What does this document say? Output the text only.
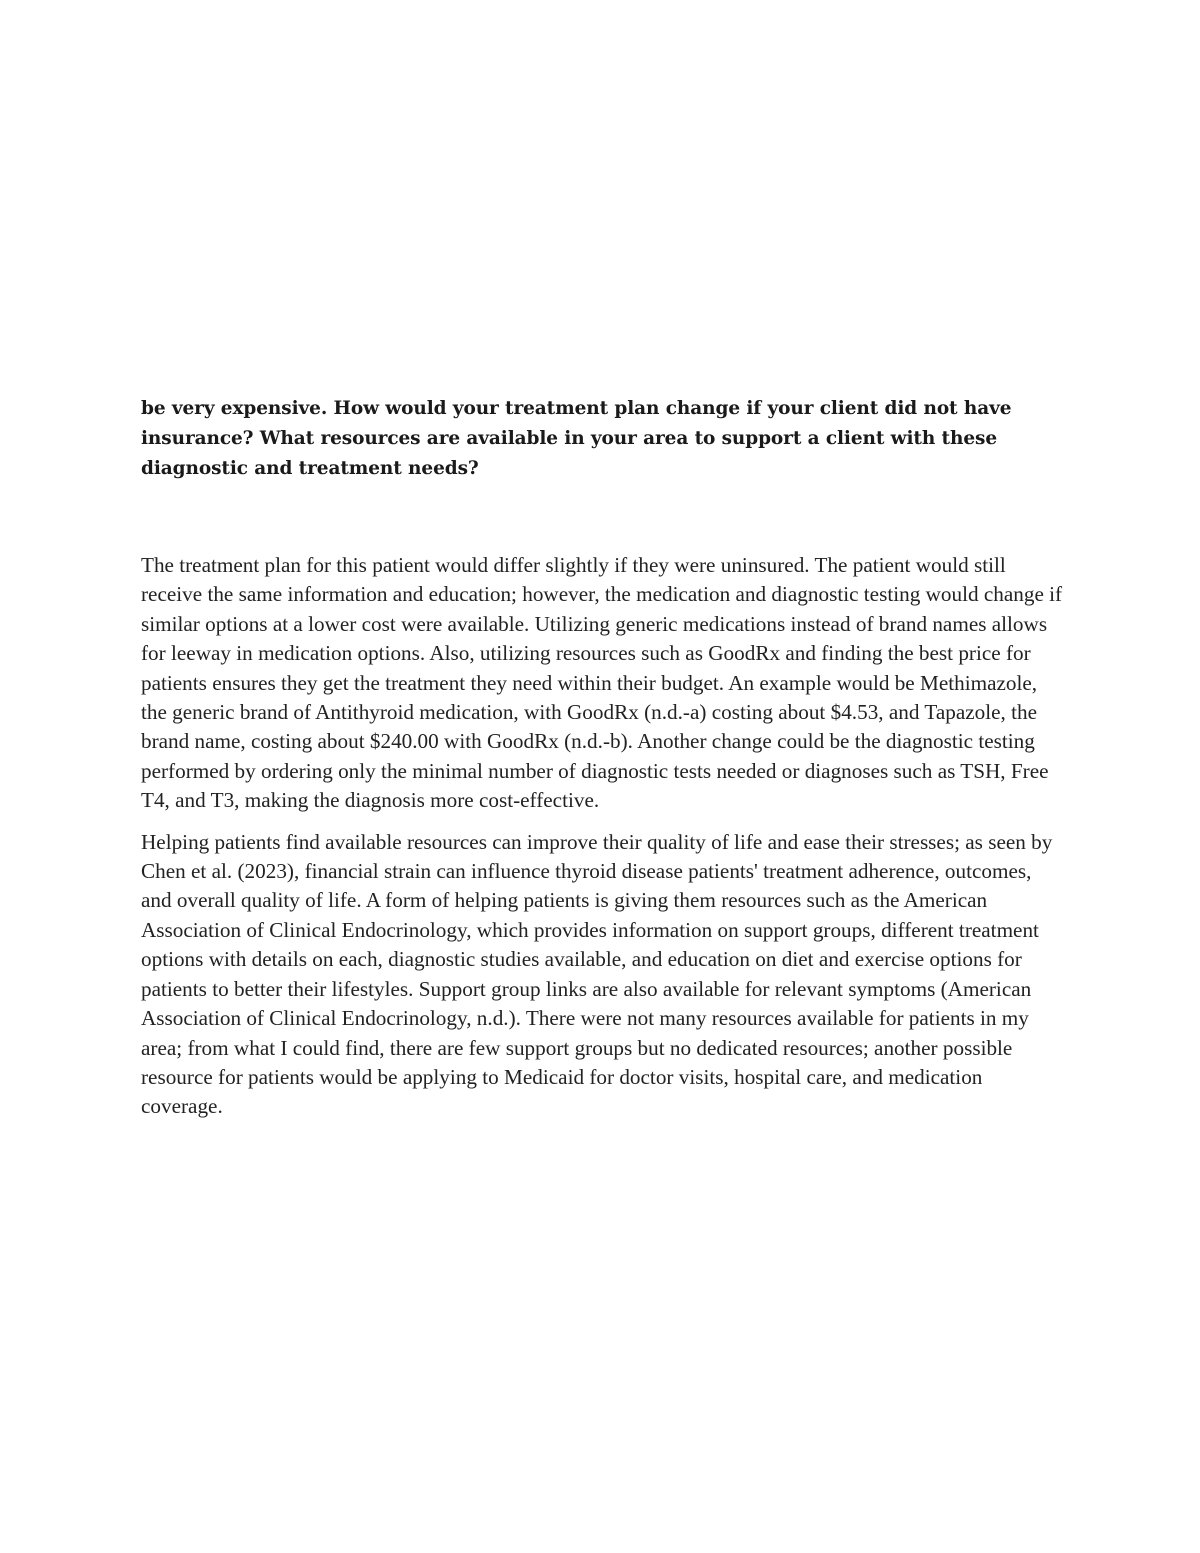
be very expensive. How would your treatment plan change if your client did not have insurance? What resources are available in your area to support a client with these diagnostic and treatment needs?

The treatment plan for this patient would differ slightly if they were uninsured. The patient would still receive the same information and education; however, the medication and diagnostic testing would change if similar options at a lower cost were available. Utilizing generic medications instead of brand names allows for leeway in medication options. Also, utilizing resources such as GoodRx and finding the best price for patients ensures they get the treatment they need within their budget. An example would be Methimazole, the generic brand of Antithyroid medication, with GoodRx (n.d.-a) costing about $4.53, and Tapazole, the brand name, costing about $240.00 with GoodRx (n.d.-b). Another change could be the diagnostic testing performed by ordering only the minimal number of diagnostic tests needed or diagnoses such as TSH, Free T4, and T3, making the diagnosis more cost-effective.

Helping patients find available resources can improve their quality of life and ease their stresses; as seen by Chen et al. (2023), financial strain can influence thyroid disease patients' treatment adherence, outcomes, and overall quality of life. A form of helping patients is giving them resources such as the American Association of Clinical Endocrinology, which provides information on support groups, different treatment options with details on each, diagnostic studies available, and education on diet and exercise options for patients to better their lifestyles. Support group links are also available for relevant symptoms (American Association of Clinical Endocrinology, n.d.). There were not many resources available for patients in my area; from what I could find, there are few support groups but no dedicated resources; another possible resource for patients would be applying to Medicaid for doctor visits, hospital care, and medication coverage.
